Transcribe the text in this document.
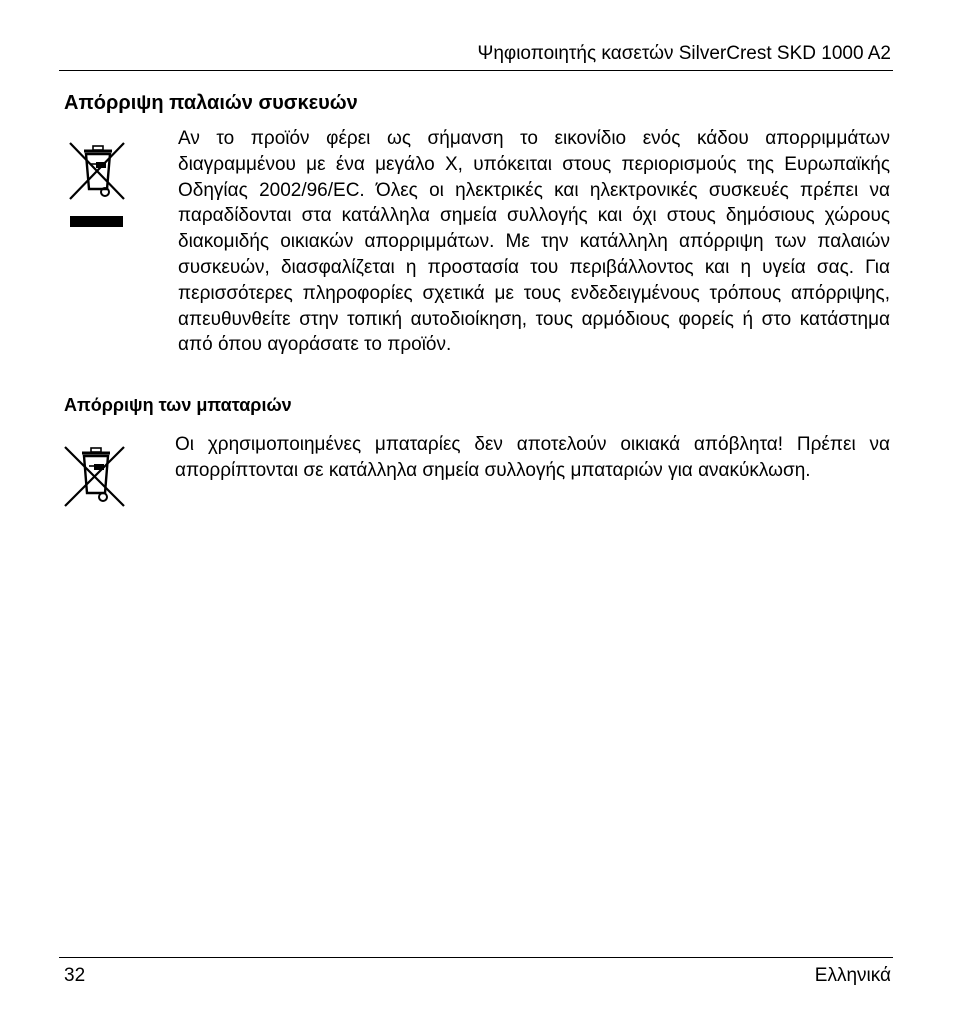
Ψηφιοποιητής κασετών SilverCrest SKD 1000 A2
Απόρριψη παλαιών συσκευών
Αν το προϊόν φέρει ως σήμανση το εικονίδιο ενός κάδου απορριμμάτων διαγραμμένου με ένα μεγάλο Χ, υπόκειται στους περιορισμούς της Ευρωπαϊκής Οδηγίας 2002/96/EC. Όλες οι ηλεκτρικές και ηλεκτρονικές συσκευές πρέπει να παραδίδονται στα κατάλληλα σημεία συλλογής και όχι στους δημόσιους χώρους διακομιδής οικιακών απορριμμάτων. Με την κατάλληλη απόρριψη των παλαιών συσκευών, διασφαλίζεται η προστασία του περιβάλλοντος και η υγεία σας. Για περισσότερες πληροφορίες σχετικά με τους ενδεδειγμένους τρόπους απόρριψης, απευθυνθείτε στην τοπική αυτοδιοίκηση, τους αρμόδιους φορείς ή στο κατάστημα από όπου αγοράσατε το προϊόν.
Απόρριψη των μπαταριών
Οι χρησιμοποιημένες μπαταρίες δεν αποτελούν οικιακά απόβλητα! Πρέπει να απορρίπτονται σε κατάλληλα σημεία συλλογής μπαταριών για ανακύκλωση.
32	Ελληνικά
